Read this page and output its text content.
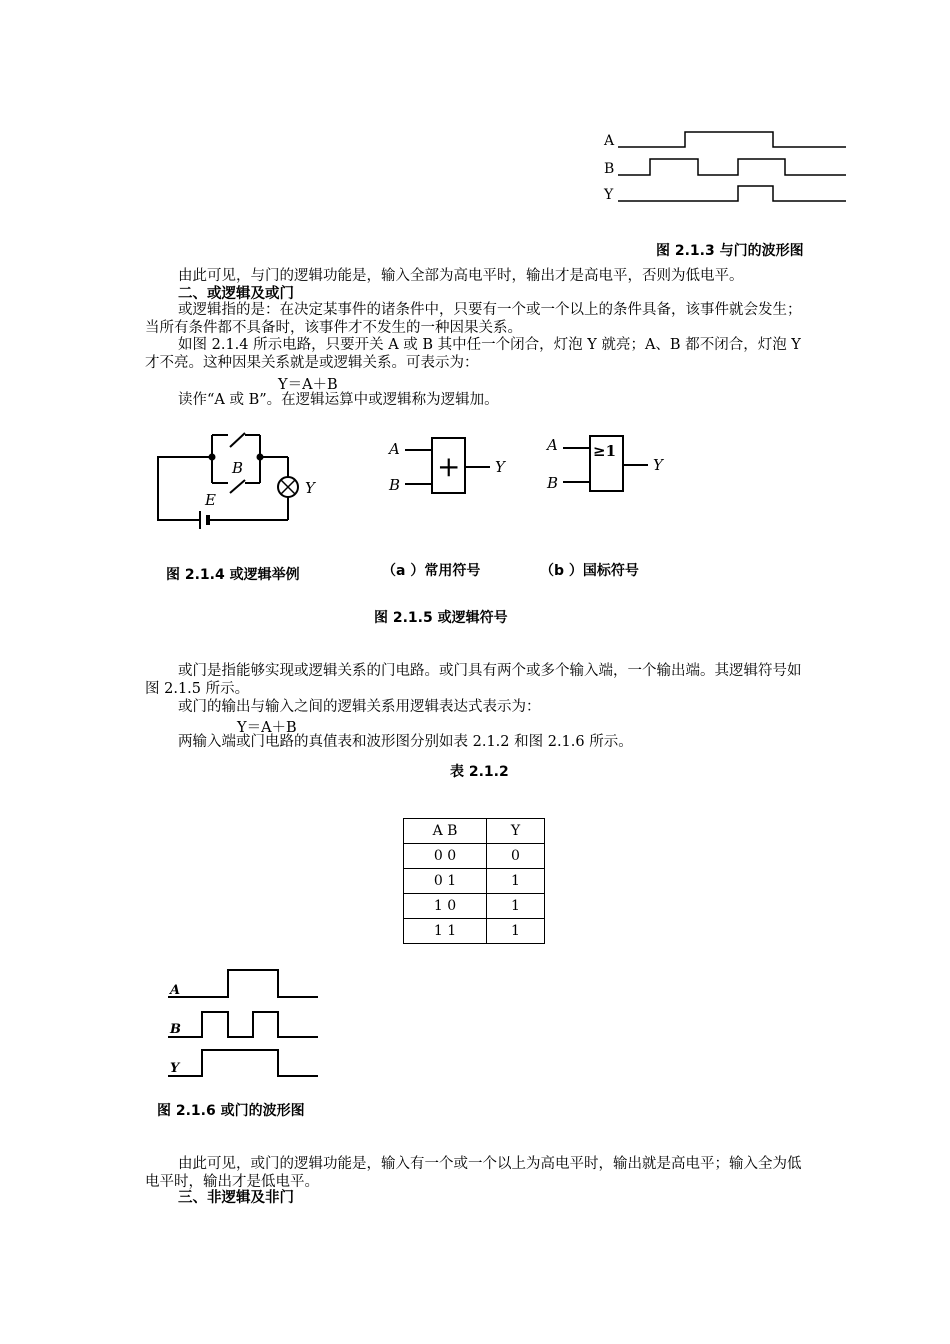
A
B
Y
图 2.1.3 与门的波形图
由此可见，与门的逻辑功能是，输入全部为高电平时，输出才是高电平，否则为低电平。
二、或逻辑及或门
或逻辑指的是：在决定某事件的诸条件中，只要有一个或一个以上的条件具备，该事件就会发生；当所有条件都不具备时，该事件才不发生的一种因果关系。
如图 2.1.4 所示电路，只要开关 A 或 B 其中任一个闭合，灯泡 Y 就亮；A、B 都不闭合，灯泡 Y 才不亮。这种因果关系就是或逻辑关系。可表示为：
Y＝A＋B
读作“A 或 B”。在逻辑运算中或逻辑称为逻辑加。
B
E
Y
+
A
B
Y
≥1
A
B
Y
图 2.1.4 或逻辑举例	（a ）常用符号	（b ）国标符号
图 2.1.5 或逻辑符号
或门是指能够实现或逻辑关系的门电路。或门具有两个或多个输入端，一个输出端。其逻辑符号如图 2.1.5 所示。
或门的输出与输入之间的逻辑关系用逻辑表达式表示为：
Y＝A＋B
两输入端或门电路的真值表和波形图分别如表 2.1.2 和图 2.1.6 所示。
表 2.1.2
A B	Y
0 0	0
0 1	1
1 0	1
1 1	1
A
B
Y
图 2.1.6 或门的波形图
由此可见，或门的逻辑功能是，输入有一个或一个以上为高电平时，输出就是高电平；输入全为低电平时，输出才是低电平。
三、非逻辑及非门
